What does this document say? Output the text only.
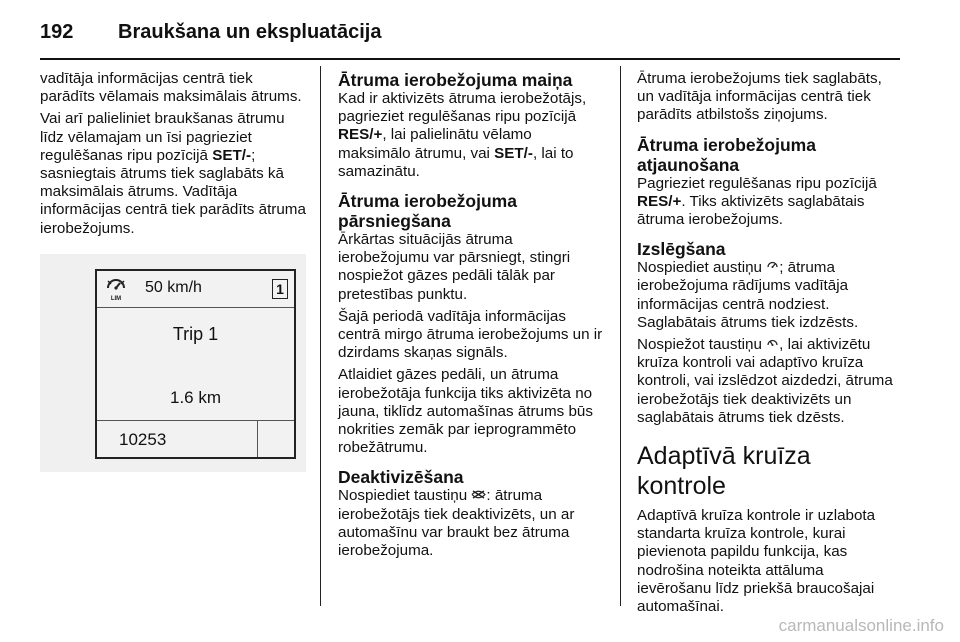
192 Braukšana un ekspluatācija

vadītāja informācijas centrā tiek parādīts vēlamais maksimālais ātrums.

Vai arī palieliniet braukšanas ātrumu līdz vēlamajam un īsi pagrieziet regulēšanas ripu pozīcijā SET/-; sasniegtais ātrums tiek saglabāts kā maksimālais ātrums. Vadītāja informācijas centrā tiek parādīts ātruma ierobežojums.

LIM
50 km/h	1
Trip 1
1.6 km
10253
Ātruma ierobežojuma maiņa

Kad ir aktivizēts ātruma ierobežotājs, pagrieziet regulēšanas ripu pozīcijā RES/+, lai palielinātu vēlamo maksimālo ātrumu, vai SET/-, lai to samazinātu.

Ātruma ierobežojuma pārsniegšana

Ārkārtas situācijās ātruma ierobežojumu var pārsniegt, stingri nospiežot gāzes pedāli tālāk par pretestības punktu.

Šajā periodā vadītāja informācijas centrā mirgo ātruma ierobežojums un ir dzirdams skaņas signāls.

Atlaidiet gāzes pedāli, un ātruma ierobežotāja funkcija tiks aktivizēta no jauna, tiklīdz automašīnas ātrums būs nokrities zemāk par ieprogrammēto robežātrumu.

Deaktivizēšana

Nospiediet taustiņu : ātruma ierobežotājs tiek deaktivizēts, un ar automašīnu var braukt bez ātruma ierobežojuma.

Ātruma ierobežojums tiek saglabāts, un vadītāja informācijas centrā tiek parādīts atbilstošs ziņojums.

Ātruma ierobežojuma atjaunošana

Pagrieziet regulēšanas ripu pozīcijā RES/+. Tiks aktivizēts saglabātais ātruma ierobežojums.

Izslēgšana

Nospiediet austiņu ; ātruma ierobežojuma rādījums vadītāja informācijas centrā nodziest. Saglabātais ātrums tiek izdzēsts.

Nospiežot taustiņu , lai aktivizētu kruīza kontroli vai adaptīvo kruīza kontroli, vai izslēdzot aizdedzi, ātruma ierobežotājs tiek deaktivizēts un saglabātais ātrums tiek dzēsts.

Adaptīvā kruīza kontrole

Adaptīvā kruīza kontrole ir uzlabota standarta kruīza kontrole, kurai pievienota papildu funkcija, kas nodrošina noteikta attāluma ievērošanu līdz priekšā braucošajai automašīnai.

carmanualsonline.info
